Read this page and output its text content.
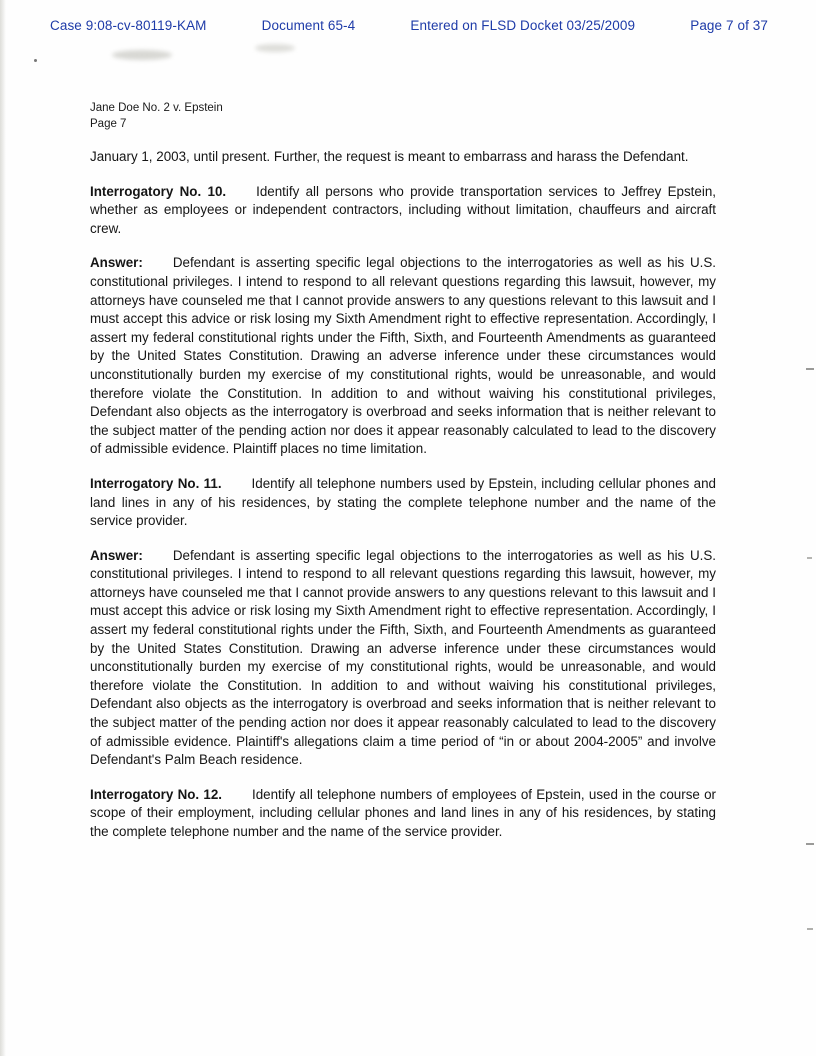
Case 9:08-cv-80119-KAM	Document 65-4	Entered on FLSD Docket 03/25/2009	Page 7 of 37
Jane Doe No. 2 v. Epstein
Page 7

January 1, 2003, until present. Further, the request is meant to embarrass and harass the Defendant.

Interrogatory No. 10. Identify all persons who provide transportation services to Jeffrey Epstein, whether as employees or independent contractors, including without limitation, chauffeurs and aircraft crew.

Answer: Defendant is asserting specific legal objections to the interrogatories as well as his U.S. constitutional privileges. I intend to respond to all relevant questions regarding this lawsuit, however, my attorneys have counseled me that I cannot provide answers to any questions relevant to this lawsuit and I must accept this advice or risk losing my Sixth Amendment right to effective representation. Accordingly, I assert my federal constitutional rights under the Fifth, Sixth, and Fourteenth Amendments as guaranteed by the United States Constitution. Drawing an adverse inference under these circumstances would unconstitutionally burden my exercise of my constitutional rights, would be unreasonable, and would therefore violate the Constitution. In addition to and without waiving his constitutional privileges, Defendant also objects as the interrogatory is overbroad and seeks information that is neither relevant to the subject matter of the pending action nor does it appear reasonably calculated to lead to the discovery of admissible evidence. Plaintiff places no time limitation.

Interrogatory No. 11. Identify all telephone numbers used by Epstein, including cellular phones and land lines in any of his residences, by stating the complete telephone number and the name of the service provider.

Answer: Defendant is asserting specific legal objections to the interrogatories as well as his U.S. constitutional privileges. I intend to respond to all relevant questions regarding this lawsuit, however, my attorneys have counseled me that I cannot provide answers to any questions relevant to this lawsuit and I must accept this advice or risk losing my Sixth Amendment right to effective representation. Accordingly, I assert my federal constitutional rights under the Fifth, Sixth, and Fourteenth Amendments as guaranteed by the United States Constitution. Drawing an adverse inference under these circumstances would unconstitutionally burden my exercise of my constitutional rights, would be unreasonable, and would therefore violate the Constitution. In addition to and without waiving his constitutional privileges, Defendant also objects as the interrogatory is overbroad and seeks information that is neither relevant to the subject matter of the pending action nor does it appear reasonably calculated to lead to the discovery of admissible evidence. Plaintiff's allegations claim a time period of “in or about 2004-2005” and involve Defendant's Palm Beach residence.

Interrogatory No. 12. Identify all telephone numbers of employees of Epstein, used in the course or scope of their employment, including cellular phones and land lines in any of his residences, by stating the complete telephone number and the name of the service provider.
